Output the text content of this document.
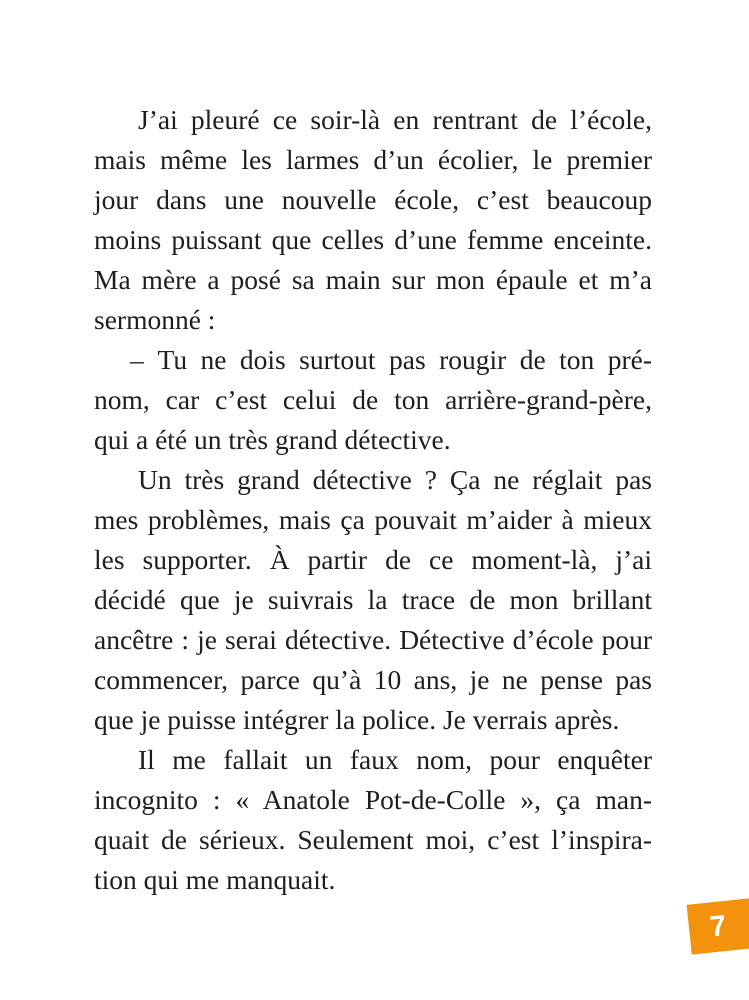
J’ai pleuré ce soir-là en rentrant de l’école,
mais même les larmes d’un écolier, le premier
jour dans une nouvelle école, c’est beaucoup
moins puissant que celles d’une femme enceinte.
Ma mère a posé sa main sur mon épaule et m’a
sermonné :
– Tu ne dois surtout pas rougir de ton pré-
nom, car c’est celui de ton arrière-grand-père,
qui a été un très grand détective.
Un très grand détective ? Ça ne réglait pas
mes problèmes, mais ça pouvait m’aider à mieux
les supporter. À partir de ce moment-là, j’ai
décidé que je suivrais la trace de mon brillant
ancêtre : je serai détective. Détective d’école pour
commencer, parce qu’à 10 ans, je ne pense pas
que je puisse intégrer la police. Je verrais après.
Il me fallait un faux nom, pour enquêter
incognito : « Anatole Pot-de-Colle », ça man-
quait de sérieux. Seulement moi, c’est l’inspira-
tion qui me manquait.
7
